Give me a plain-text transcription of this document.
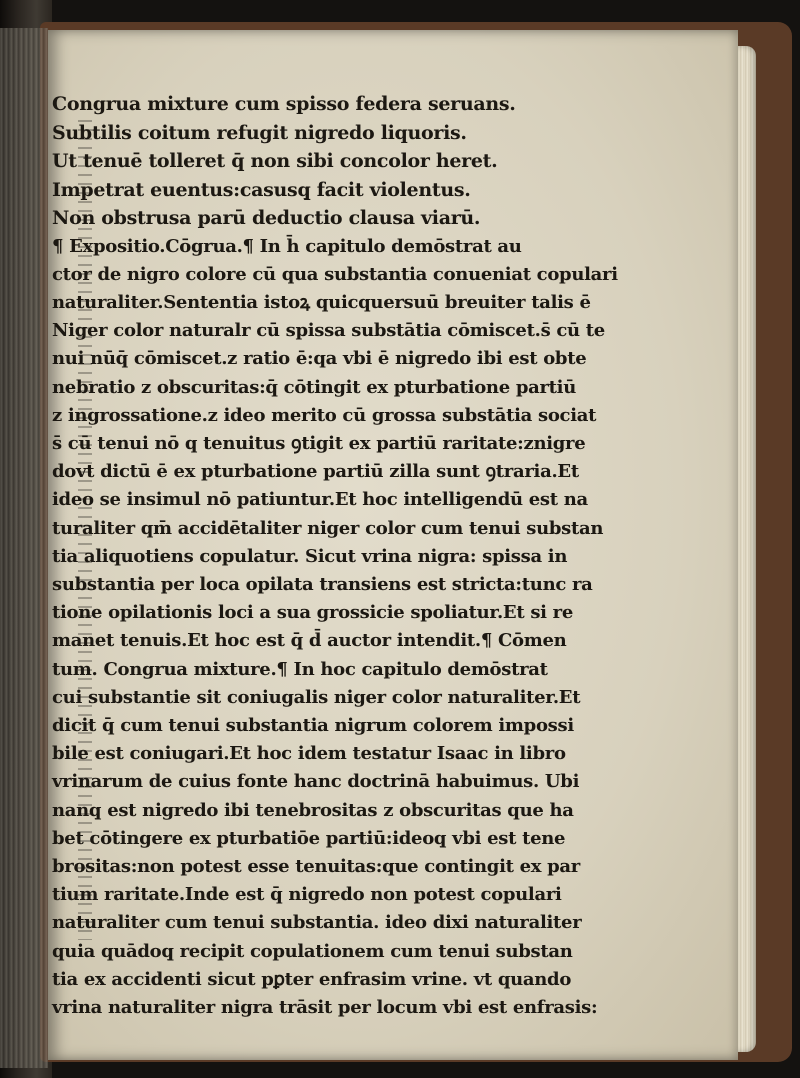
Congrua mixture cum spisso federa seruans.
Subtilis coitum refugit nigredo liquoris.
Ut tenuē tolleret q̄ non sibi concolor heret.
Impetrat euentus:casusq̧ facit violentus.
Non obstrusa parū deductio clausa viarū.
¶ Expositio.Cōgrua.¶ In h̄ capitulo demōstrat au
ctor de nigro colore cū qua substantia conueniat copulari
naturaliter.Sententia istoꝝ quicquersuū breuiter talis ē
Niger color naturalr cū spissa substātia cōmiscet.s̄ cū te
nui nūq̄ cōmiscet.z ratio ē:qa vbi ē nigredo ibi est obte
nebratio z obscuritas:q̄ cōtingit ex pturbatione partiū
z ingrossatione.z ideo merito cū grossa substātia sociat
s̄ cū tenui nō q tenuitus ꝯtigit ex partiū raritate:znigre
dovt dictū ē ex pturbatione partiū zilla sunt ꝯtraria.Et
ideo se insimul nō patiuntur.Et hoc intelligendū est na
turaliter qm̄ accidētaliter niger color cum tenui substan
tia aliquotiens copulatur. Sicut vrina nigra: spissa in
substantia per loca opilata transiens est stricta:tunc ra
tione opilationis loci a sua grossicie spoliatur.Et si re
manet tenuis.Et hoc est q̄ d̄ auctor intendit.¶ Cōmen
tum. Congrua mixture.¶ In hoc capitulo demōstrat
cui substantie sit coniugalis niger color naturaliter.Et
dicit q̄ cum tenui substantia nigrum colorem impossi
bile est coniugari.Et hoc idem testatur Isaac in libro
vrinarum de cuius fonte hanc doctrinā habuimus. Ubi
nanq̧ est nigredo ibi tenebrositas z obscuritas que ha
bet cōtingere ex pturbatiōe partiū:ideoq̧ vbi est tene
brositas:non potest esse tenuitas:que contingit ex par
tium raritate.Inde est q̄ nigredo non potest copulari
naturaliter cum tenui substantia. ideo dixi naturaliter
quia quādoq̧ recipit copulationem cum tenui substan
tia ex accidenti sicut pꝑter enfrasim vrine. vt quando
vrina naturaliter nigra trāsit per locum vbi est enfrasis:
